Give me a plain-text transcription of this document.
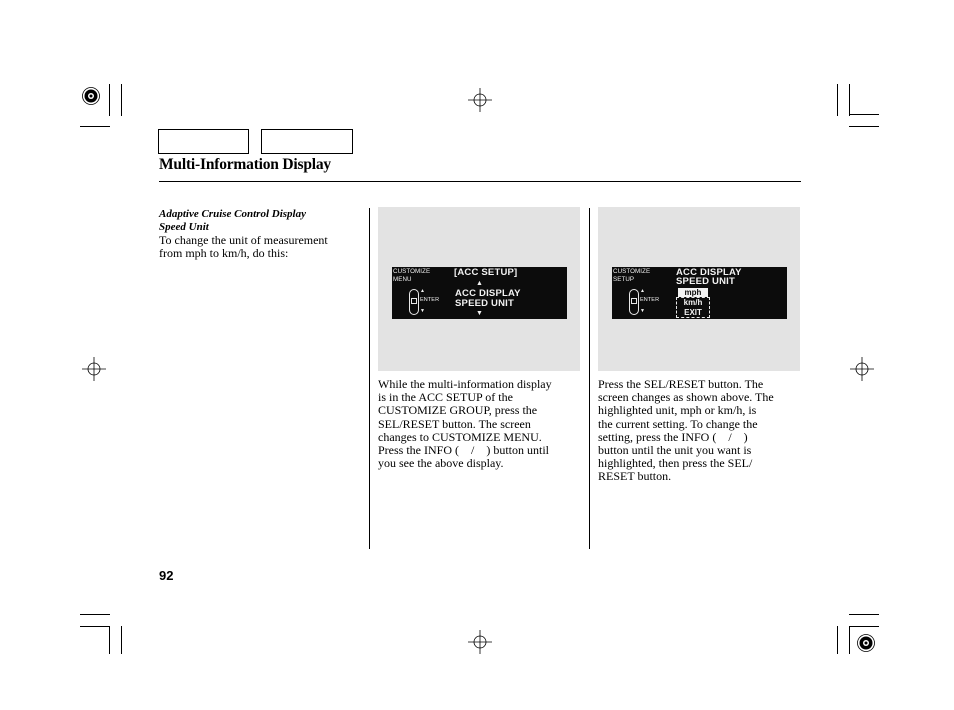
Multi-Information Display

Adaptive Cruise Control Display

Speed Unit

To change the unit of measurement

from mph to km/h, do this:

CUSTOMIZE
MENU
▲
ENTER
▼
[ACC SETUP]
▲
ACC DISPLAY
SPEED UNIT
▼
CUSTOMIZE
SETUP
▲
ENTER
▼
ACC DISPLAY
SPEED UNIT
mph
km/h
EXIT

While the multi-information display

is in the ACC SETUP of the

CUSTOMIZE GROUP, press the

SEL/RESET button. The screen

changes to CUSTOMIZE MENU.

Press the INFO (    /    ) button until

you see the above display.

Press the SEL/RESET button. The

screen changes as shown above. The

highlighted unit, mph or km/h, is

the current setting. To change the

setting, press the INFO (    /    )

button until the unit you want is

highlighted, then press the SEL/

RESET button.

92
